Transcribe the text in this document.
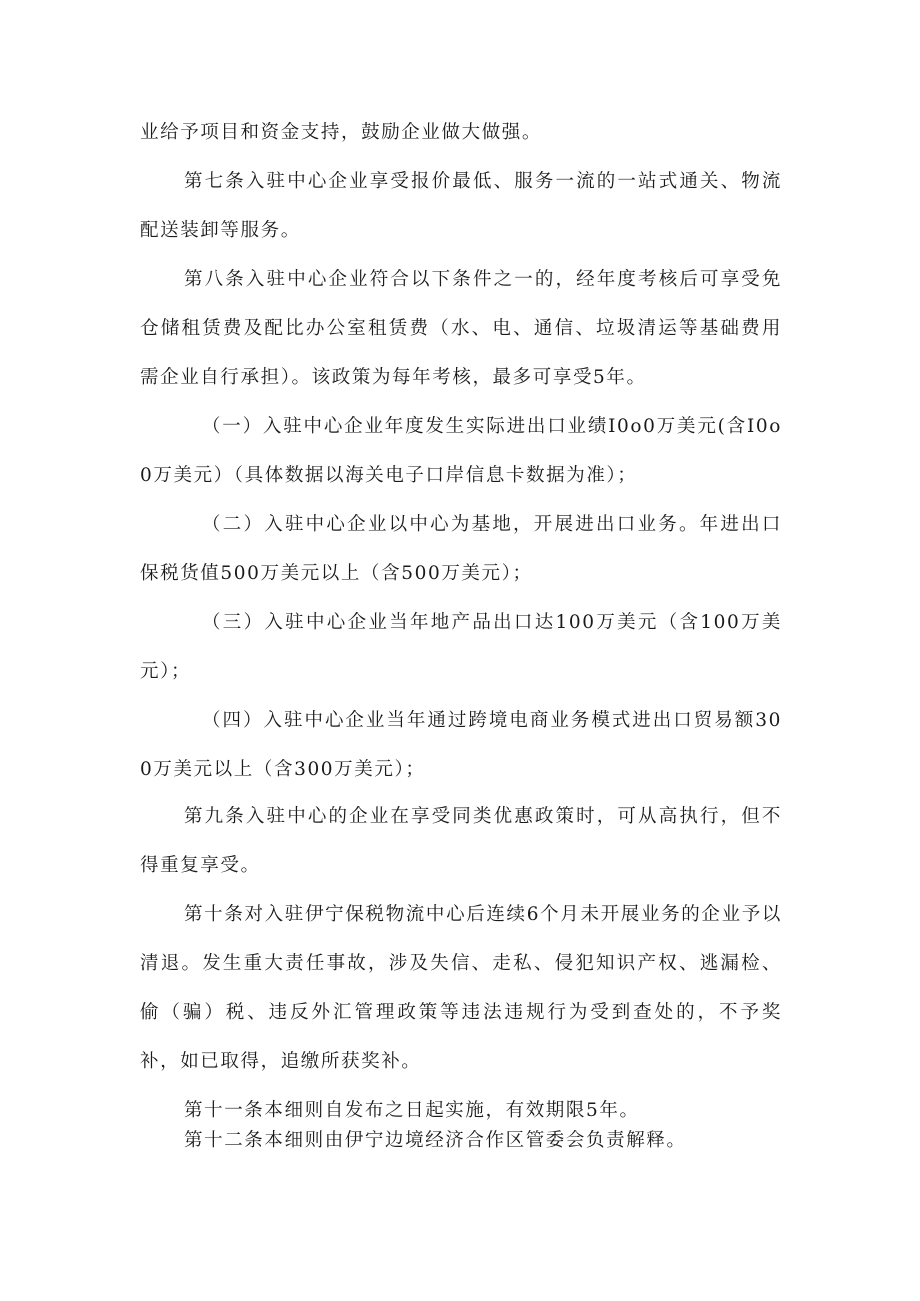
业给予项目和资金支持，鼓励企业做大做强。

第七条入驻中心企业享受报价最低、服务一流的一站式通关、物流配送装卸等服务。

第八条入驻中心企业符合以下条件之一的，经年度考核后可享受免仓储租赁费及配比办公室租赁费（水、电、通信、垃圾清运等基础费用需企业自行承担）。该政策为每年考核，最多可享受5年。

（一）入驻中心企业年度发生实际进出口业绩I0o0万美元(含I0o0万美元）（具体数据以海关电子口岸信息卡数据为准）；

（二）入驻中心企业以中心为基地，开展进出口业务。年进出口保税货值500万美元以上（含500万美元）；

（三）入驻中心企业当年地产品出口达100万美元（含100万美元）；

（四）入驻中心企业当年通过跨境电商业务模式进出口贸易额300万美元以上（含300万美元）；

第九条入驻中心的企业在享受同类优惠政策时，可从高执行，但不得重复享受。

第十条对入驻伊宁保税物流中心后连续6个月未开展业务的企业予以清退。发生重大责任事故，涉及失信、走私、侵犯知识产权、逃漏检、偷（骗）税、违反外汇管理政策等违法违规行为受到查处的，不予奖补，如已取得，追缴所获奖补。

第十一条本细则自发布之日起实施，有效期限5年。

第十二条本细则由伊宁边境经济合作区管委会负责解释。
